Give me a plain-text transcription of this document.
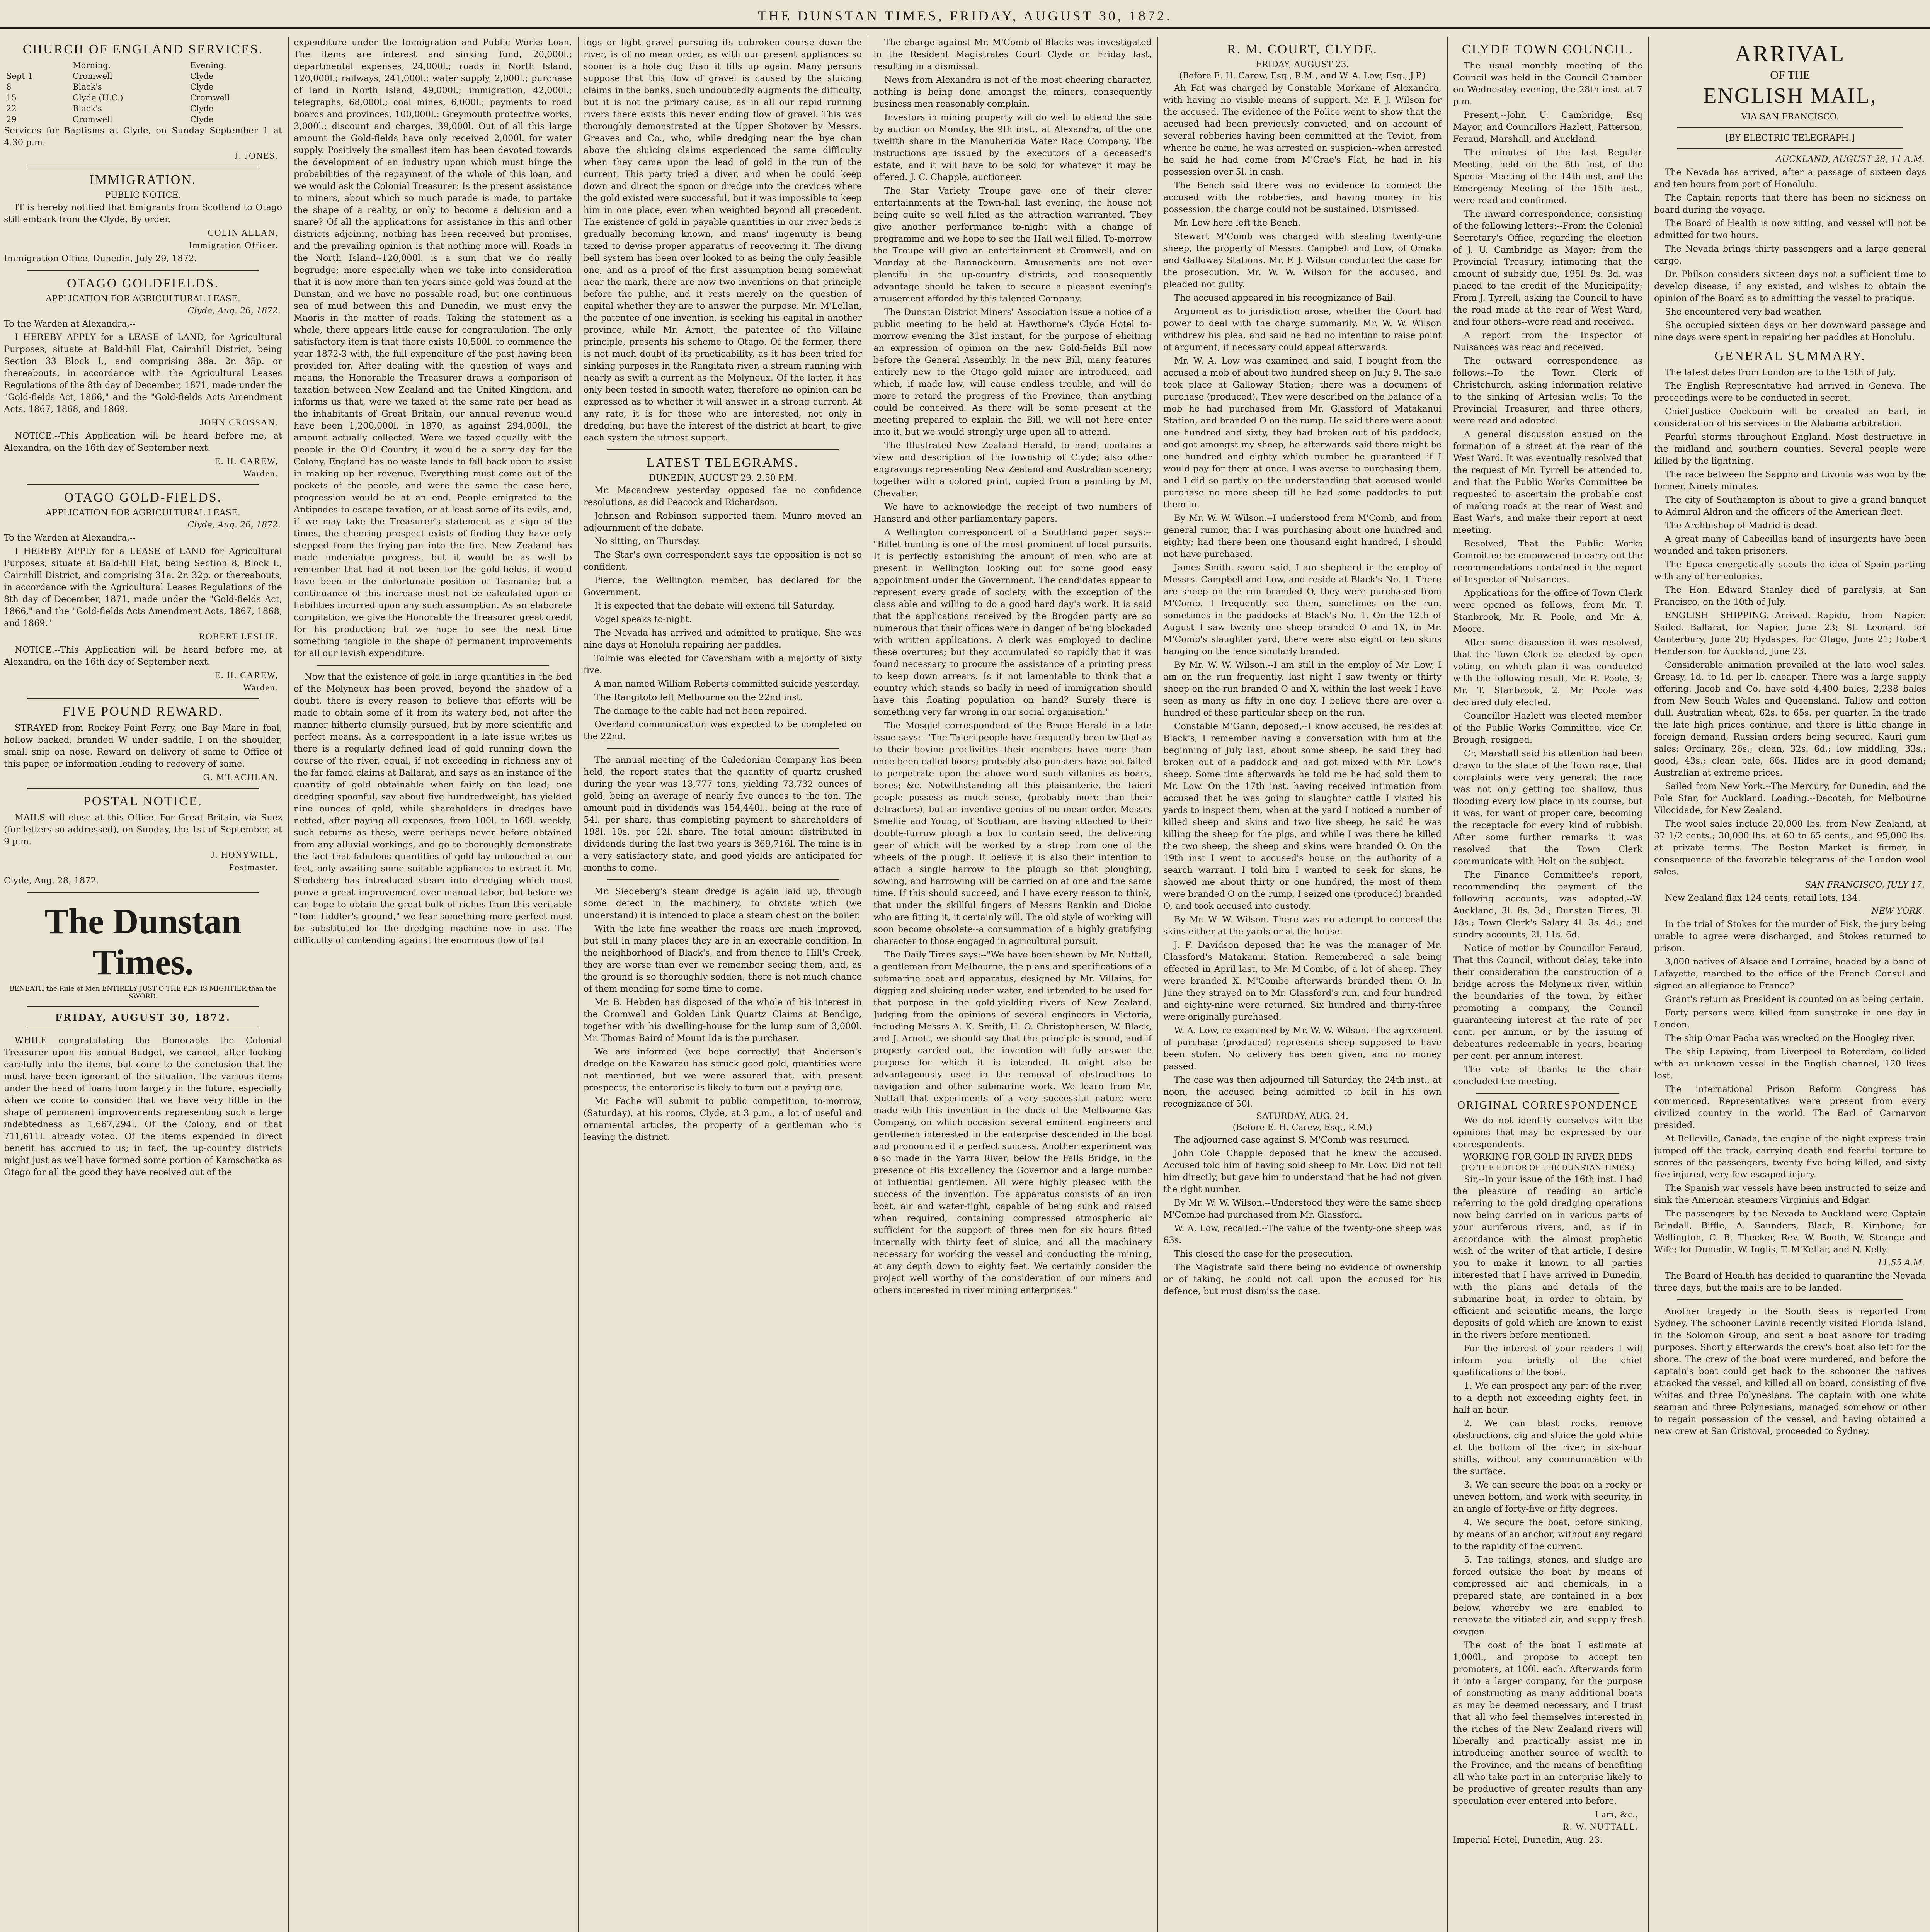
THE DUNSTAN TIMES, FRIDAY, AUGUST 30, 1872.
CHURCH OF ENGLAND SERVICES.
	Morning.	Evening.
Sept 1	Cromwell	Clyde
8	Black's	Clyde
15	Clyde (H.C.)	Cromwell
22	Black's	Clyde
29	Cromwell	Clyde

Services for Baptisms at Clyde, on Sunday September 1 at 4.30 p.m.

J. JONES.
IMMIGRATION.
PUBLIC NOTICE.

IT is hereby notified that Emigrants from Scotland to Otago still embark from the Clyde, By order.

COLIN ALLAN,
Immigration Officer.

Immigration Office, Dunedin, July 29, 1872.

OTAGO GOLDFIELDS.
APPLICATION FOR AGRICULTURAL LEASE.
Clyde, Aug. 26, 1872.

To the Warden at Alexandra,--

I HEREBY APPLY for a LEASE of LAND, for Agricultural Purposes, situate at Bald-hill Flat, Cairnhill District, being Section 33 Block I., and comprising 38a. 2r. 35p. or thereabouts, in accordance with the Agricultural Leases Regulations of the 8th day of December, 1871, made under the "Gold-fields Act, 1866," and the "Gold-fields Acts Amendment Acts, 1867, 1868, and 1869.

JOHN CROSSAN.

NOTICE.--This Application will be heard before me, at Alexandra, on the 16th day of September next.

E. H. CAREW,
Warden.
OTAGO GOLD-FIELDS.
APPLICATION FOR AGRICULTURAL LEASE.
Clyde, Aug. 26, 1872.

To the Warden at Alexandra,--

I HEREBY APPLY for a LEASE of LAND for Agricultural Purposes, situate at Bald-hill Flat, being Section 8, Block I., Cairnhill District, and comprising 31a. 2r. 32p. or thereabouts, in accordance with the Agricultural Leases Regulations of the 8th day of December, 1871, made under the "Gold-fields Act, 1866," and the "Gold-fields Acts Amendment Acts, 1867, 1868, and 1869."

ROBERT LESLIE.

NOTICE.--This Application will be heard before me, at Alexandra, on the 16th day of September next.

E. H. CAREW,
Warden.
FIVE POUND REWARD.

STRAYED from Rockey Point Ferry, one Bay Mare in foal, hollow backed, branded W under saddle, I on the shoulder, small snip on nose. Reward on delivery of same to Office of this paper, or information leading to recovery of same.

G. M'LACHLAN.
POSTAL NOTICE.

MAILS will close at this Office--For Great Britain, via Suez (for letters so addressed), on Sunday, the 1st of September, at 9 p.m.

J. HONYWILL,
Postmaster.

Clyde, Aug. 28, 1872.

The Dunstan Times.
BENEATH the Rule of Men ENTIRELY JUST O THE PEN IS MIGHTIER than the SWORD.
FRIDAY, AUGUST 30, 1872.

WHILE congratulating the Honorable the Colonial Treasurer upon his annual Budget, we cannot, after looking carefully into the items, but come to the conclusion that the must have been ignorant of the situation. The various items under the head of loans loom largely in the future, especially when we come to consider that we have very little in the shape of permanent improvements representing such a large indebtedness as 1,667,294l. Of the Colony, and of that 711,611l. already voted. Of the items expended in direct benefit has accrued to us; in fact, the up-country districts might just as well have formed some portion of Kamschatka as Otago for all the good they have received out of the

expenditure under the Immigration and Public Works Loan. The items are interest and sinking fund, 20,000l.; departmental expenses, 24,000l.; roads in North Island, 120,000l.; railways, 241,000l.; water supply, 2,000l.; purchase of land in North Island, 49,000l.; immigration, 42,000l.; telegraphs, 68,000l.; coal mines, 6,000l.; payments to road boards and provinces, 100,000l.: Greymouth protective works, 3,000l.; discount and charges, 39,000l. Out of all this large amount the Gold-fields have only received 2,000l. for water supply. Positively the smallest item has been devoted towards the development of an industry upon which must hinge the probabilities of the repayment of the whole of this loan, and we would ask the Colonial Treasurer: Is the present assistance to miners, about which so much parade is made, to partake the shape of a reality, or only to become a delusion and a snare? Of all the applications for assistance in this and other districts adjoining, nothing has been received but promises, and the prevailing opinion is that nothing more will. Roads in the North Island--120,000l. is a sum that we do really begrudge; more especially when we take into consideration that it is now more than ten years since gold was found at the Dunstan, and we have no passable road, but one continuous sea of mud between this and Dunedin, we must envy the Maoris in the matter of roads. Taking the statement as a whole, there appears little cause for congratulation. The only satisfactory item is that there exists 10,500l. to commence the year 1872-3 with, the full expenditure of the past having been provided for. After dealing with the question of ways and means, the Honorable the Treasurer draws a comparison of taxation between New Zealand and the United Kingdom, and informs us that, were we taxed at the same rate per head as the inhabitants of Great Britain, our annual revenue would have been 1,200,000l. in 1870, as against 294,000l., the amount actually collected. Were we taxed equally with the people in the Old Country, it would be a sorry day for the Colony. England has no waste lands to fall back upon to assist in making up her revenue. Everything must come out of the pockets of the people, and were the same the case here, progression would be at an end. People emigrated to the Antipodes to escape taxation, or at least some of its evils, and, if we may take the Treasurer's statement as a sign of the times, the cheering prospect exists of finding they have only stepped from the frying-pan into the fire. New Zealand has made undeniable progress, but it would be as well to remember that had it not been for the gold-fields, it would have been in the unfortunate position of Tasmania; but a continuance of this increase must not be calculated upon or liabilities incurred upon any such assumption. As an elaborate compilation, we give the Honorable the Treasurer great credit for his production; but we hope to see the next time something tangible in the shape of permanent improvements for all our lavish expenditure.

Now that the existence of gold in large quantities in the bed of the Molyneux has been proved, beyond the shadow of a doubt, there is every reason to believe that efforts will be made to obtain some of it from its watery bed, not after the manner hitherto clumsily pursued, but by more scientific and perfect means. As a correspondent in a late issue writes us there is a regularly defined lead of gold running down the course of the river, equal, if not exceeding in richness any of the far famed claims at Ballarat, and says as an instance of the quantity of gold obtainable when fairly on the lead; one dredging spoonful, say about five hundredweight, has yielded nine ounces of gold, while shareholders in dredges have netted, after paying all expenses, from 100l. to 160l. weekly, such returns as these, were perhaps never before obtained from any alluvial workings, and go to thoroughly demonstrate the fact that fabulous quantities of gold lay untouched at our feet, only awaiting some suitable appliances to extract it. Mr. Siedeberg has introduced steam into dredging which must prove a great improvement over manual labor, but before we can hope to obtain the great bulk of riches from this veritable "Tom Tiddler's ground," we fear something more perfect must be substituted for the dredging machine now in use. The difficulty of contending against the enormous flow of tail

ings or light gravel pursuing its unbroken course down the river, is of no mean order, as with our present appliances so sooner is a hole dug than it fills up again. Many persons suppose that this flow of gravel is caused by the sluicing claims in the banks, such undoubtedly augments the difficulty, but it is not the primary cause, as in all our rapid running rivers there exists this never ending flow of gravel. This was thoroughly demonstrated at the Upper Shotover by Messrs. Greaves and Co., who, while dredging near the bye chan above the sluicing claims experienced the same difficulty when they came upon the lead of gold in the run of the current. This party tried a diver, and when he could keep down and direct the spoon or dredge into the crevices where the gold existed were successful, but it was impossible to keep him in one place, even when weighted beyond all precedent. The existence of gold in payable quantities in our river beds is gradually becoming known, and mans' ingenuity is being taxed to devise proper apparatus of recovering it. The diving bell system has been over looked to as being the only feasible one, and as a proof of the first assumption being somewhat near the mark, there are now two inventions on that principle before the public, and it rests merely on the question of capital whether they are to answer the purpose. Mr. M'Lellan, the patentee of one invention, is seeking his capital in another province, while Mr. Arnott, the patentee of the Villaine principle, presents his scheme to Otago. Of the former, there is not much doubt of its practicability, as it has been tried for sinking purposes in the Rangitata river, a stream running with nearly as swift a current as the Molyneux. Of the latter, it has only been tested in smooth water, therefore no opinion can be expressed as to whether it will answer in a strong current. At any rate, it is for those who are interested, not only in dredging, but have the interest of the district at heart, to give each system the utmost support.

LATEST TELEGRAMS.
DUNEDIN, AUGUST 29, 2.50 P.M.

Mr. Macandrew yesterday opposed the no confidence resolutions, as did Peacock and Richardson.

Johnson and Robinson supported them. Munro moved an adjournment of the debate.

No sitting, on Thursday.

The Star's own correspondent says the opposition is not so confident.

Pierce, the Wellington member, has declared for the Government.

It is expected that the debate will extend till Saturday.

Vogel speaks to-night.

The Nevada has arrived and admitted to pratique. She was nine days at Honolulu repairing her paddles.

Tolmie was elected for Caversham with a majority of sixty five.

A man named William Roberts committed suicide yesterday.

The Rangitoto left Melbourne on the 22nd inst.

The damage to the cable had not been repaired.

Overland communication was expected to be completed on the 22nd.

The annual meeting of the Caledonian Company has been held, the report states that the quantity of quartz crushed during the year was 13,777 tons, yielding 73,732 ounces of gold, being an average of nearly five ounces to the ton. The amount paid in dividends was 154,440l., being at the rate of 54l. per share, thus completing payment to shareholders of 198l. 10s. per 12l. share. The total amount distributed in dividends during the last two years is 369,716l. The mine is in a very satisfactory state, and good yields are anticipated for months to come.

Mr. Siedeberg's steam dredge is again laid up, through some defect in the machinery, to obviate which (we understand) it is intended to place a steam chest on the boiler.

With the late fine weather the roads are much improved, but still in many places they are in an execrable condition. In the neighborhood of Black's, and from thence to Hill's Creek, they are worse than ever we remember seeing them, and, as the ground is so thoroughly sodden, there is not much chance of them mending for some time to come.

Mr. B. Hebden has disposed of the whole of his interest in the Cromwell and Golden Link Quartz Claims at Bendigo, together with his dwelling-house for the lump sum of 3,000l. Mr. Thomas Baird of Mount Ida is the purchaser.

We are informed (we hope correctly) that Anderson's dredge on the Kawarau has struck good gold, quantities were not mentioned, but we were assured that, with present prospects, the enterprise is likely to turn out a paying one.

Mr. Fache will submit to public competition, to-morrow, (Saturday), at his rooms, Clyde, at 3 p.m., a lot of useful and ornamental articles, the property of a gentleman who is leaving the district.

The charge against Mr. M'Comb of Blacks was investigated in the Resident Magistrates Court Clyde on Friday last, resulting in a dismissal.

News from Alexandra is not of the most cheering character, nothing is being done amongst the miners, consequently business men reasonably complain.

Investors in mining property will do well to attend the sale by auction on Monday, the 9th inst., at Alexandra, of the one twelfth share in the Manuherikia Water Race Company. The instructions are issued by the executors of a deceased's estate, and it will have to be sold for whatever it may be offered. J. C. Chapple, auctioneer.

The Star Variety Troupe gave one of their clever entertainments at the Town-hall last evening, the house not being quite so well filled as the attraction warranted. They give another performance to-night with a change of programme and we hope to see the Hall well filled. To-morrow the Troupe will give an entertainment at Cromwell, and on Monday at the Bannockburn. Amusements are not over plentiful in the up-country districts, and consequently advantage should be taken to secure a pleasant evening's amusement afforded by this talented Company.

The Dunstan District Miners' Association issue a notice of a public meeting to be held at Hawthorne's Clyde Hotel to-morrow evening the 31st instant, for the purpose of eliciting an expression of opinion on the new Gold-fields Bill now before the General Assembly. In the new Bill, many features entirely new to the Otago gold miner are introduced, and which, if made law, will cause endless trouble, and will do more to retard the progress of the Province, than anything could be conceived. As there will be some present at the meeting prepared to explain the Bill, we will not here enter into it, but we would strongly urge upon all to attend.

The Illustrated New Zealand Herald, to hand, contains a view and description of the township of Clyde; also other engravings representing New Zealand and Australian scenery; together with a colored print, copied from a painting by M. Chevalier.

We have to acknowledge the receipt of two numbers of Hansard and other parliamentary papers.

A Wellington correspondent of a Southland paper says:--"Billet hunting is one of the most prominent of local pursuits. It is perfectly astonishing the amount of men who are at present in Wellington looking out for some good easy appointment under the Government. The candidates appear to represent every grade of society, with the exception of the class able and willing to do a good hard day's work. It is said that the applications received by the Brogden party are so numerous that their offices were in danger of being blockaded with written applications. A clerk was employed to decline these overtures; but they accumulated so rapidly that it was found necessary to procure the assistance of a printing press to keep down arrears. Is it not lamentable to think that a country which stands so badly in need of immigration should have this floating population on hand? Surely there is something very far wrong in our social organisation."

The Mosgiel correspondent of the Bruce Herald in a late issue says:--"The Taieri people have frequently been twitted as to their bovine proclivities--their members have more than once been called boors; probably also punsters have not failed to perpetrate upon the above word such villanies as boars, bores; &c. Notwithstanding all this plaisanterie, the Taieri people possess as much sense, (probably more than their detractors), but an inventive genius of no mean order. Messrs Smellie and Young, of Southam, are having attached to their double-furrow plough a box to contain seed, the delivering gear of which will be worked by a strap from one of the wheels of the plough. It believe it is also their intention to attach a single harrow to the plough so that ploughing, sowing, and harrowing will be carried on at one and the same time. If this should succeed, and I have every reason to think, that under the skillful fingers of Messrs Rankin and Dickie who are fitting it, it certainly will. The old style of working will soon become obsolete--a consummation of a highly gratifying character to those engaged in agricultural pursuit.

The Daily Times says:--"We have been shewn by Mr. Nuttall, a gentleman from Melbourne, the plans and specifications of a submarine boat and apparatus, designed by Mr. Villains, for digging and sluicing under water, and intended to be used for that purpose in the gold-yielding rivers of New Zealand. Judging from the opinions of several engineers in Victoria, including Messrs A. K. Smith, H. O. Christophersen, W. Black, and J. Arnott, we should say that the principle is sound, and if properly carried out, the invention will fully answer the purpose for which it is intended. It might also be advantageously used in the removal of obstructions to navigation and other submarine work. We learn from Mr. Nuttall that experiments of a very successful nature were made with this invention in the dock of the Melbourne Gas Company, on which occasion several eminent engineers and gentlemen interested in the enterprise descended in the boat and pronounced it a perfect success. Another experiment was also made in the Yarra River, below the Falls Bridge, in the presence of His Excellency the Governor and a large number of influential gentlemen. All were highly pleased with the success of the invention. The apparatus consists of an iron boat, air and water-tight, capable of being sunk and raised when required, containing compressed atmospheric air sufficient for the support of three men for six hours fitted internally with thirty feet of sluice, and all the machinery necessary for working the vessel and conducting the mining, at any depth down to eighty feet. We certainly consider the project well worthy of the consideration of our miners and others interested in river mining enterprises."

R. M. COURT, CLYDE.
FRIDAY, AUGUST 23.
(Before E. H. Carew, Esq., R.M., and W. A. Low, Esq., J.P.)

Ah Fat was charged by Constable Morkane of Alexandra, with having no visible means of support. Mr. F. J. Wilson for the accused. The evidence of the Police went to show that the accused had been previously convicted, and on account of several robberies having been committed at the Teviot, from whence he came, he was arrested on suspicion--when arrested he said he had come from M'Crae's Flat, he had in his possession over 5l. in cash.

The Bench said there was no evidence to connect the accused with the robberies, and having money in his possession, the charge could not be sustained. Dismissed.

Mr. Low here left the Bench.

Stewart M'Comb was charged with stealing twenty-one sheep, the property of Messrs. Campbell and Low, of Omaka and Galloway Stations. Mr. F. J. Wilson conducted the case for the prosecution. Mr. W. W. Wilson for the accused, and pleaded not guilty.

The accused appeared in his recognizance of Bail.

Argument as to jurisdiction arose, whether the Court had power to deal with the charge summarily. Mr. W. W. Wilson withdrew his plea, and said he had no intention to raise point of argument, if necessary could appeal afterwards.

Mr. W. A. Low was examined and said, I bought from the accused a mob of about two hundred sheep on July 9. The sale took place at Galloway Station; there was a document of purchase (produced). They were described on the balance of a mob he had purchased from Mr. Glassford of Matakanui Station, and branded O on the rump. He said there were about one hundred and sixty, they had broken out of his paddock, and got amongst my sheep, he afterwards said there might be one hundred and eighty which number he guaranteed if I would pay for them at once. I was averse to purchasing them, and I did so partly on the understanding that accused would purchase no more sheep till he had some paddocks to put them in.

By Mr. W. W. Wilson.--I understood from M'Comb, and from general rumor, that I was purchasing about one hundred and eighty; had there been one thousand eight hundred, I should not have purchased.

James Smith, sworn--said, I am shepherd in the employ of Messrs. Campbell and Low, and reside at Black's No. 1. There are sheep on the run branded O, they were purchased from M'Comb. I frequently see them, sometimes on the run, sometimes in the paddocks at Black's No. 1. On the 12th of August I saw twenty one sheep branded O and 1X, in Mr. M'Comb's slaughter yard, there were also eight or ten skins hanging on the fence similarly branded.

By Mr. W. W. Wilson.--I am still in the employ of Mr. Low, I am on the run frequently, last night I saw twenty or thirty sheep on the run branded O and X, within the last week I have seen as many as fifty in one day. I believe there are over a hundred of these particular sheep on the run.

Constable M'Gann, deposed,--I know accused, he resides at Black's, I remember having a conversation with him at the beginning of July last, about some sheep, he said they had broken out of a paddock and had got mixed with Mr. Low's sheep. Some time afterwards he told me he had sold them to Mr. Low. On the 17th inst. having received intimation from accused that he was going to slaughter cattle I visited his yards to inspect them, when at the yard I noticed a number of killed sheep and skins and two live sheep, he said he was killing the sheep for the pigs, and while I was there he killed the two sheep, the sheep and skins were branded O. On the 19th inst I went to accused's house on the authority of a search warrant. I told him I wanted to seek for skins, he showed me about thirty or one hundred, the most of them were branded O on the rump, I seized one (produced) branded O, and took accused into custody.

By Mr. W. W. Wilson. There was no attempt to conceal the skins either at the yards or at the house.

J. F. Davidson deposed that he was the manager of Mr. Glassford's Matakanui Station. Remembered a sale being effected in April last, to Mr. M'Combe, of a lot of sheep. They were branded X. M'Combe afterwards branded them O. In June they strayed on to Mr. Glassford's run, and four hundred and eighty-nine were returned. Six hundred and thirty-three were originally purchased.

W. A. Low, re-examined by Mr. W. W. Wilson.--The agreement of purchase (produced) represents sheep supposed to have been stolen. No delivery has been given, and no money passed.

The case was then adjourned till Saturday, the 24th inst., at noon, the accused being admitted to bail in his own recognizance of 50l.

SATURDAY, AUG. 24.
(Before E. H. Carew, Esq., R.M.)

The adjourned case against S. M'Comb was resumed.

John Cole Chapple deposed that he knew the accused. Accused told him of having sold sheep to Mr. Low. Did not tell him directly, but gave him to understand that he had not given the right number.

By Mr. W. W. Wilson.--Understood they were the same sheep M'Combe had purchased from Mr. Glassford.

W. A. Low, recalled.--The value of the twenty-one sheep was 63s.

This closed the case for the prosecution.

The Magistrate said there being no evidence of ownership or of taking, he could not call upon the accused for his defence, but must dismiss the case.

CLYDE TOWN COUNCIL.

The usual monthly meeting of the Council was held in the Council Chamber on Wednesday evening, the 28th inst. at 7 p.m.

Present,--John U. Cambridge, Esq Mayor, and Councillors Hazlett, Patterson, Feraud, Marshall, and Auckland.

The minutes of the last Regular Meeting, held on the 6th inst, of the Special Meeting of the 14th inst, and the Emergency Meeting of the 15th inst., were read and confirmed.

The inward correspondence, consisting of the following letters:--From the Colonial Secretary's Office, regarding the election of J. U. Cambridge as Mayor; from the Provincial Treasury, intimating that the amount of subsidy due, 195l. 9s. 3d. was placed to the credit of the Municipality; From J. Tyrrell, asking the Council to have the road made at the rear of West Ward, and four others--were read and received.

A report from the Inspector of Nuisances was read and received.

The outward correspondence as follows:--To the Town Clerk of Christchurch, asking information relative to the sinking of Artesian wells; To the Provincial Treasurer, and three others, were read and adopted.

A general discussion ensued on the formation of a street at the rear of the West Ward. It was eventually resolved that the request of Mr. Tyrrell be attended to, and that the Public Works Committee be requested to ascertain the probable cost of making roads at the rear of West and East War's, and make their report at next meeting.

Resolved, That the Public Works Committee be empowered to carry out the recommendations contained in the report of Inspector of Nuisances.

Applications for the office of Town Clerk were opened as follows, from Mr. T. Stanbrook, Mr. R. Poole, and Mr. A. Moore.

After some discussion it was resolved, that the Town Clerk be elected by open voting, on which plan it was conducted with the following result, Mr. R. Poole, 3; Mr. T. Stanbrook, 2. Mr Poole was declared duly elected.

Councillor Hazlett was elected member of the Public Works Committee, vice Cr. Brough, resigned.

Cr. Marshall said his attention had been drawn to the state of the Town race, that complaints were very general; the race was not only getting too shallow, thus flooding every low place in its course, but it was, for want of proper care, becoming the receptacle for every kind of rubbish. After some further remarks it was resolved that the Town Clerk communicate with Holt on the subject.

The Finance Committee's report, recommending the payment of the following accounts, was adopted,--W. Auckland, 3l. 8s. 3d.; Dunstan Times, 3l. 18s.; Town Clerk's Salary 4l. 3s. 4d.; and sundry accounts, 2l. 11s. 6d.

Notice of motion by Councillor Feraud, That this Council, without delay, take into their consideration the construction of a bridge across the Molyneux river, within the boundaries of the town, by either promoting a company, the Council guaranteeing interest at the rate of per cent. per annum, or by the issuing of debentures redeemable in years, bearing per cent. per annum interest.

The vote of thanks to the chair concluded the meeting.

ORIGINAL CORRESPONDENCE

We do not identify ourselves with the opinions that may be expressed by our correspondents.

WORKING FOR GOLD IN RIVER BEDS
(TO THE EDITOR OF THE DUNSTAN TIMES.)

Sir,--In your issue of the 16th inst. I had the pleasure of reading an article referring to the gold dredging operations now being carried on in various parts of your auriferous rivers, and, as if in accordance with the almost prophetic wish of the writer of that article, I desire you to make it known to all parties interested that I have arrived in Dunedin, with the plans and details of the submarine boat, in order to obtain, by efficient and scientific means, the large deposits of gold which are known to exist in the rivers before mentioned.

For the interest of your readers I will inform you briefly of the chief qualifications of the boat.

1. We can prospect any part of the river, to a depth not exceeding eighty feet, in half an hour.

2. We can blast rocks, remove obstructions, dig and sluice the gold while at the bottom of the river, in six-hour shifts, without any communication with the surface.

3. We can secure the boat on a rocky or uneven bottom, and work with security, in an angle of forty-five or fifty degrees.

4. We secure the boat, before sinking, by means of an anchor, without any regard to the rapidity of the current.

5. The tailings, stones, and sludge are forced outside the boat by means of compressed air and chemicals, in a prepared state, are contained in a box below, whereby we are enabled to renovate the vitiated air, and supply fresh oxygen.

The cost of the boat I estimate at 1,000l., and propose to accept ten promoters, at 100l. each. Afterwards form it into a larger company, for the purpose of constructing as many additional boats as may be deemed necessary, and I trust that all who feel themselves interested in the riches of the New Zealand rivers will liberally and practically assist me in introducing another source of wealth to the Province, and the means of benefiting all who take part in an enterprise likely to be productive of greater results than any speculation ever entered into before.

I am, &c.,
R. W. NUTTALL.

Imperial Hotel, Dunedin, Aug. 23.

ARRIVAL
OF THE
ENGLISH MAIL,
VIA SAN FRANCISCO.
[BY ELECTRIC TELEGRAPH.]
AUCKLAND, AUGUST 28, 11 A.M.

The Nevada has arrived, after a passage of sixteen days and ten hours from port of Honolulu.

The Captain reports that there has been no sickness on board during the voyage.

The Board of Health is now sitting, and vessel will not be admitted for two hours.

The Nevada brings thirty passengers and a large general cargo.

Dr. Philson considers sixteen days not a sufficient time to develop disease, if any existed, and wishes to obtain the opinion of the Board as to admitting the vessel to pratique.

She encountered very bad weather.

She occupied sixteen days on her downward passage and nine days were spent in repairing her paddles at Honolulu.

GENERAL SUMMARY.

The latest dates from London are to the 15th of July.

The English Representative had arrived in Geneva. The proceedings were to be conducted in secret.

Chief-Justice Cockburn will be created an Earl, in consideration of his services in the Alabama arbitration.

Fearful storms throughout England. Most destructive in the midland and southern counties. Several people were killed by the lightning.

The race between the Sappho and Livonia was won by the former. Ninety minutes.

The city of Southampton is about to give a grand banquet to Admiral Aldron and the officers of the American fleet.

The Archbishop of Madrid is dead.

A great many of Cabecillas band of insurgents have been wounded and taken prisoners.

The Epoca energetically scouts the idea of Spain parting with any of her colonies.

The Hon. Edward Stanley died of paralysis, at San Francisco, on the 10th of July.

ENGLISH SHIPPING.--Arrived.--Rapido, from Napier. Sailed.--Ballarat, for Napier, June 23; St. Leonard, for Canterbury, June 20; Hydaspes, for Otago, June 21; Robert Henderson, for Auckland, June 23.

Considerable animation prevailed at the late wool sales. Greasy, 1d. to 1d. per lb. cheaper. There was a large supply offering. Jacob and Co. have sold 4,400 bales, 2,238 bales from New South Wales and Queensland. Tallow and cotton dull. Australian wheat, 62s. to 65s. per quarter. In the trade the late high prices continue, and there is little change in foreign demand, Russian orders being secured. Kauri gum sales: Ordinary, 26s.; clean, 32s. 6d.; low middling, 33s.; good, 43s.; clean pale, 66s. Hides are in good demand; Australian at extreme prices.

Sailed from New York.--The Mercury, for Dunedin, and the Pole Star, for Auckland. Loading.--Dacotah, for Melbourne Vilocidade, for New Zealand.

The wool sales include 20,000 lbs. from New Zealand, at 37 1/2 cents.; 30,000 lbs. at 60 to 65 cents., and 95,000 lbs. at private terms. The Boston Market is firmer, in consequence of the favorable telegrams of the London wool sales.

SAN FRANCISCO, JULY 17.

New Zealand flax 124 cents, retail lots, 134.

NEW YORK.

In the trial of Stokes for the murder of Fisk, the jury being unable to agree were discharged, and Stokes returned to prison.

3,000 natives of Alsace and Lorraine, headed by a band of Lafayette, marched to the office of the French Consul and signed an allegiance to France?

Grant's return as President is counted on as being certain.

Forty persons were killed from sunstroke in one day in London.

The ship Omar Pacha was wrecked on the Hoogley river.

The ship Lapwing, from Liverpool to Roterdam, collided with an unknown vessel in the English channel, 120 lives lost.

The international Prison Reform Congress has commenced. Representatives were present from every civilized country in the world. The Earl of Carnarvon presided.

At Belleville, Canada, the engine of the night express train jumped off the track, carrying death and fearful torture to scores of the passengers, twenty five being killed, and sixty five injured, very few escaped injury.

The Spanish war vessels have been instructed to seize and sink the American steamers Virginius and Edgar.

The passengers by the Nevada to Auckland were Captain Brindall, Biffle, A. Saunders, Black, R. Kimbone; for Wellington, C. B. Thecker, Rev. W. Booth, W. Strange and Wife; for Dunedin, W. Inglis, T. M'Kellar, and N. Kelly.

11.55 A.M.

The Board of Health has decided to quarantine the Nevada three days, but the mails are to be landed.

Another tragedy in the South Seas is reported from Sydney. The schooner Lavinia recently visited Florida Island, in the Solomon Group, and sent a boat ashore for trading purposes. Shortly afterwards the crew's boat also left for the shore. The crew of the boat were murdered, and before the captain's boat could get back to the schooner the natives attacked the vessel, and killed all on board, consisting of five whites and three Polynesians. The captain with one white seaman and three Polynesians, managed somehow or other to regain possession of the vessel, and having obtained a new crew at San Cristoval, proceeded to Sydney.
